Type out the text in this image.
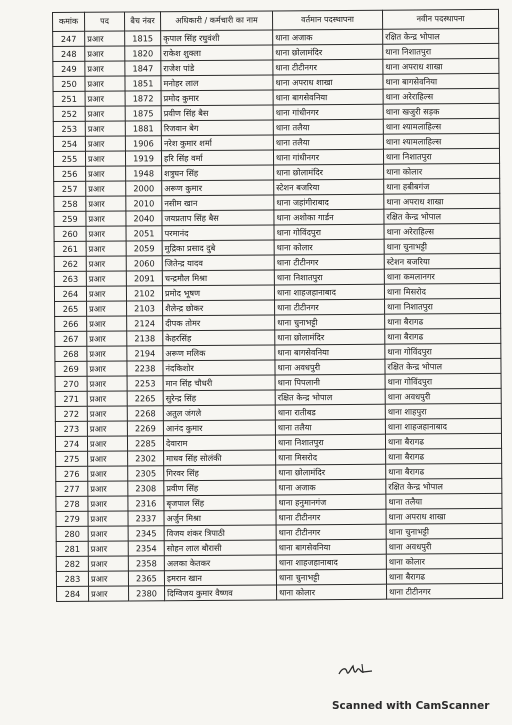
कमांक	पद	बैच नंबर	अधिकारी / कर्मचारी का नाम	वर्तमान पदस्थापना	नवीन पदस्थापना
247	प्रआर	1815	कृपाल सिंह रघुवंशी	थाना अजाक	रक्षित केन्द्र भोपाल
248	प्रआर	1820	राकेश शुक्ला	थाना छोलामंदिर	थाना निशातपुरा
249	प्रआर	1847	राजेश पांडे	थाना टीटीनगर	थाना अपराध शाखा
250	प्रआर	1851	मनोहर लाल	थाना अपराध शाखा	थाना बागसेवनिया
251	प्रआर	1872	प्रमोद कुमार	थाना बागसेवनिया	थाना अरेराहिल्स
252	प्रआर	1875	प्रवीण सिंह बैस	थाना गांधीनगर	थाना खजुरी सड़क
253	प्रआर	1881	रिजवान बेग	थाना तलैया	थाना श्यामलाहिल्स
254	प्रआर	1906	नरेश कुमार शर्मा	थाना तलैया	थाना श्यामलाहिल्स
255	प्रआर	1919	हरि सिंह वर्मा	थाना गांधीनगर	थाना निशातपुरा
256	प्रआर	1948	शत्रुघन सिंह	थाना छोलामंदिर	थाना कोलार
257	प्रआर	2000	अरूण कुमार	स्टेशन बजरिया	थाना हबीबगंज
258	प्रआर	2010	नसीम खान	थाना जहांगीराबाद	थाना अपराध शाखा
259	प्रआर	2040	जयप्रताप सिंह बैस	थाना अशोका गार्डन	रक्षित केन्द्र भोपाल
260	प्रआर	2051	परमानंद	थाना गोविंदपुरा	थाना अरेराहिल्स
261	प्रआर	2059	मुद्रिका प्रसाद दुबे	थाना कोलार	थाना चुनाभट्टी
262	प्रआर	2060	जितेन्द्र यादव	थाना टीटीनगर	स्टेशन बजरिया
263	प्रआर	2091	चन्द्रमौल मिश्रा	थाना निशातपुरा	थाना कमलानगर
264	प्रआर	2102	प्रमोद भूषण	थाना शाहजहानाबाद	थाना मिसरोद
265	प्रआर	2103	शैलेन्द्र छोकर	थाना टीटीनगर	थाना निशातपुरा
266	प्रआर	2124	दीपक तोमर	थाना चुनाभट्टी	थाना बैरागढ
267	प्रआर	2138	केहरसिंह	थाना छोलामंदिर	थाना बैरागढ
268	प्रआर	2194	अरूण मलिक	थाना बागसेवनिया	थाना गोविंदपुरा
269	प्रआर	2238	नंदकिशोर	थाना अवधपुरी	रक्षित केन्द्र भोपाल
270	प्रआर	2253	मान सिंह चौधरी	थाना पिपलानी	थाना गोविंदपुरा
271	प्रआर	2265	सुरेन्द्र सिंह	रक्षित केन्द्र भोपाल	थाना अवधपुरी
272	प्रआर	2268	अतुल जंगले	थाना रातीबड	थाना शाहपुरा
273	प्रआर	2269	आनंद कुमार	थाना तलैया	थाना शाहजहानाबाद
274	प्रआर	2285	देवाराम	थाना निशातपुरा	थाना बैरागढ
275	प्रआर	2302	माधव सिंह सोलंकी	थाना मिसरोद	थाना बैरागढ
276	प्रआर	2305	गिरवर सिंह	थाना छोलामंदिर	थाना बैरागढ
277	प्रआर	2308	प्रवीण सिंह	थाना अजाक	रक्षित केन्द्र भोपाल
278	प्रआर	2316	बृजपाल सिंह	थाना हनुमानगंज	थाना तलैया
279	प्रआर	2337	अर्जुन मिश्रा	थाना टीटीनगर	थाना अपराध शाखा
280	प्रआर	2345	विजय शंकर त्रिपाठी	थाना टीटीनगर	थाना चुनाभट्टी
281	प्रआर	2354	सोहन लाल बौरासी	थाना बागसेवनिया	थाना अवधपुरी
282	प्रआर	2358	अलका केतकर	थाना शाहजहानाबाद	थाना कोलार
283	प्रआर	2365	इमरान खान	थाना चुनाभट्टी	थाना बैरागढ
284	प्रआर	2380	दिग्विजय कुमार वैष्णव	थाना कोलार	थाना टीटीनगर
Scanned with CamScanner
